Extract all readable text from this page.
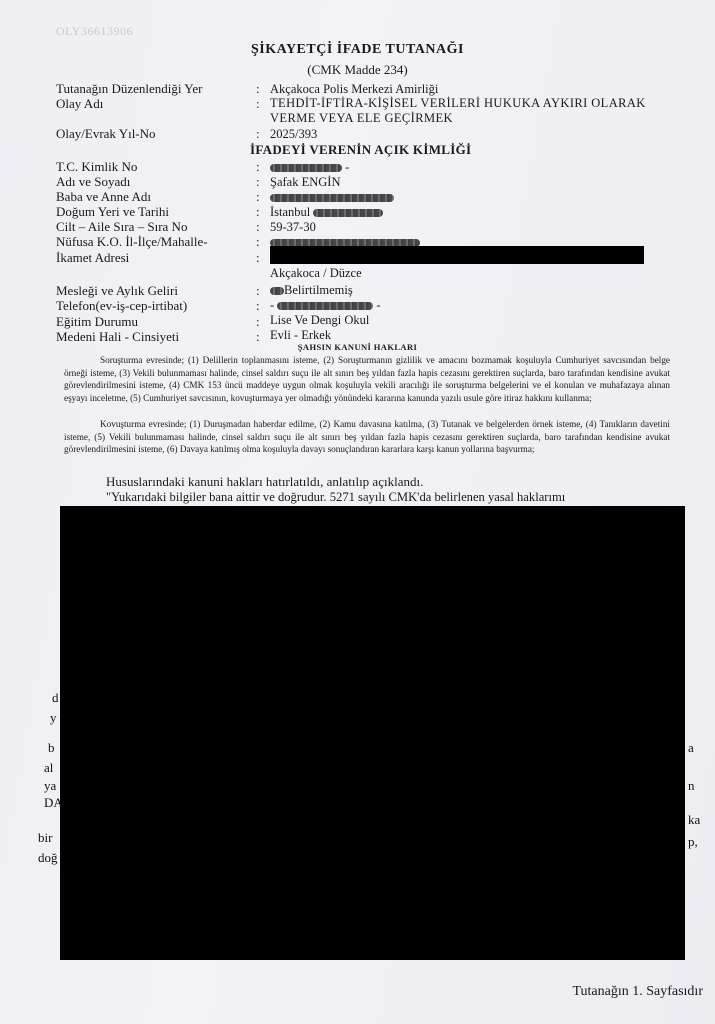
OLY36613906
ŞİKAYETÇİ İFADE TUTANAĞI
(CMK Madde 234)
Tutanağın Düzenlendiği Yer	: Akçakoca Polis Merkezi Amirliği
Olay Adı	: TEHDİT-İFTİRA-KİŞİSEL VERİLERİ HUKUKA AYKIRI OLARAK VERME VEYA ELE GEÇİRMEK
Olay/Evrak Yıl-No	: 2025/393
İFADEYİ VERENİN AÇIK KİMLİĞİ
T.C. Kimlik No	:	-
Adı ve Soyadı	: Şafak ENGİN
Baba ve Anne Adı	:
Doğum Yeri ve Tarihi	: İstanbul
Cilt – Aile Sıra – Sıra No	: 59-37-30
Nüfusa K.O. İl-İlçe/Mahalle-	:
İkamet Adresi	:
Akçakoca / Düzce
Mesleği ve Aylık Geliri	:	Belirtilmemiş
Telefon(ev-iş-cep-irtibat)	: -	-
Eğitim Durumu	: Lise Ve Dengi Okul
Medeni Hali - Cinsiyeti	: Evli - Erkek
ŞAHSIN KANUNİ HAKLARI
Soruşturma evresinde; (1) Delillerin toplanmasını isteme, (2) Soruşturmanın gizlilik ve amacını bozmamak koşuluyla Cumhuriyet savcısından belge örneği isteme, (3) Vekili bulunmaması halinde, cinsel saldırı suçu ile alt sınırı beş yıldan fazla hapis cezasını gerektiren suçlarda, baro tarafından kendisine avukat görevlendirilmesini isteme, (4) CMK 153 üncü maddeye uygun olmak koşuluyla vekili aracılığı ile soruşturma belgelerini ve el konulan ve muhafazaya alınan eşyayı inceletme, (5) Cumhuriyet savcısının, kovuşturmaya yer olmadığı yönündeki kararına kanunda yazılı usule göre itiraz hakkını kullanma;
Kovuşturma evresinde; (1) Duruşmadan haberdar edilme, (2) Kamu davasına katılma, (3) Tutanak ve belgelerden örnek isteme, (4) Tanıkların davetini isteme, (5) Vekili bulunmaması halinde, cinsel saldırı suçu ile alt sınırı beş yıldan fazla hapis cezasını gerektiren suçlarda, baro tarafından kendisine avukat görevlendirilmesini isteme, (6) Davaya katılmış olma koşuluyla davayı sonuçlandıran kararlara karşı kanun yollarına başvurma;
Hususlarındaki kanuni hakları hatırlatıldı, anlatılıp açıklandı.
"Yukarıdaki bilgiler bana aittir ve doğrudur. 5271 sayılı CMK'da belirlenen yasal haklarımı
d
y
b
al
ya
DA
bir
doğ
a
n
ka
p,
Tutanağın 1. Sayfasıdır
